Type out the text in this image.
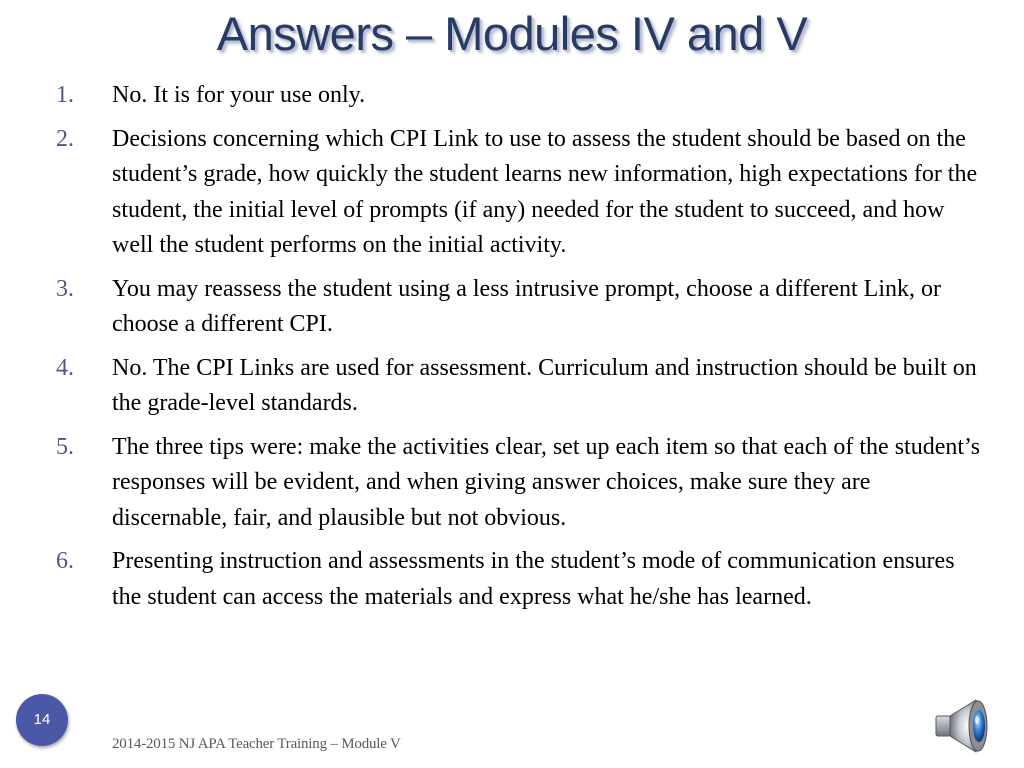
Answers – Modules IV and V
1. No. It is for your use only.
2. Decisions concerning which CPI Link to use to assess the student should be based on the student’s grade, how quickly the student learns new information, high expectations for the student, the initial level of prompts (if any) needed for the student to succeed, and how well the student performs on the initial activity.
3. You may reassess the student using a less intrusive prompt, choose a different Link, or choose a different CPI.
4. No. The CPI Links are used for assessment. Curriculum and instruction should be built on the grade-level standards.
5. The three tips were: make the activities clear, set up each item so that each of the student’s responses will be evident, and when giving answer choices, make sure they are discernable, fair, and plausible but not obvious.
6. Presenting instruction and assessments in the student’s mode of communication ensures the student can access the materials and express what he/she has learned.
14
2014-2015 NJ APA Teacher Training – Module V
